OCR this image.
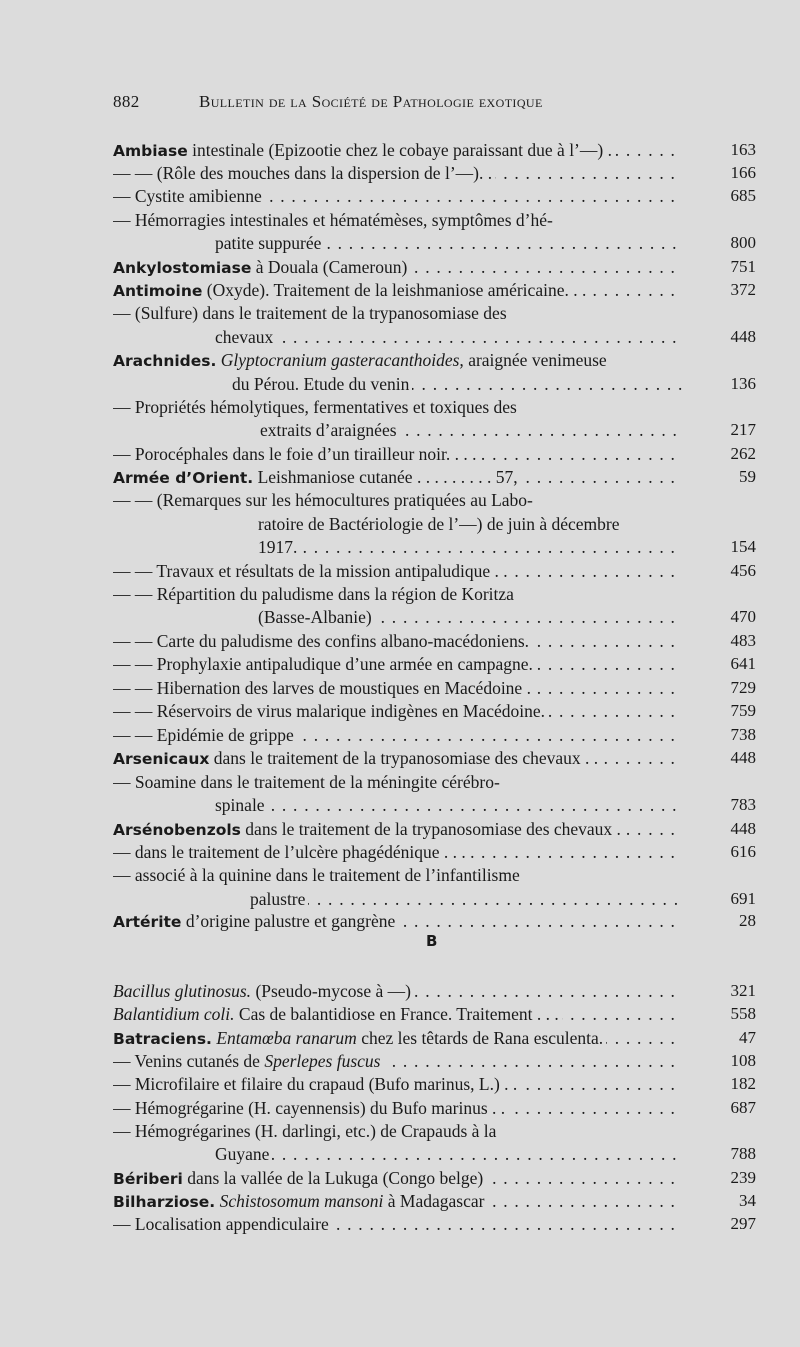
882	Bulletin de la Société de Pathologie exotique
Ambiase intestinale (Epizootie chez le cobaye paraissant due à l’—) . . . .	163
— — (Rôle des mouches dans la dispersion de l’—). . . . .	166
— Cystite amibienne . . .	685
— Hémorragies intestinales et hématémèses, symptômes d’hé-
patite suppurée . . .	800
Ankylostomiase à Douala (Cameroun) . . .	751
Antimoine (Oxyde). Traitement de la leishmaniose américaine. . . . . .	372
— (Sulfure) dans le traitement de la trypanosomiase des
chevaux . . .	448
Arachnides. Glyptocranium gasteracanthoides, araignée venimeuse
du Pérou. Etude du venin . . .	136
— Propriétés hémolytiques, fermentatives et toxiques des
extraits d’araignées . . .	217
— Porocéphales dans le foie d’un tirailleur noir. . . . . . . .	262
Armée d’Orient. Leishmaniose cutanée . . . . . . . . . 57, . . .	59
— — (Remarques sur les hémocultures pratiquées au Labo-
ratoire de Bactériologie de l’—) de juin à décembre
1917. . . .	154
— — Travaux et résultats de la mission antipaludique . . . . .	456
— — Répartition du paludisme dans la région de Koritza
(Basse-Albanie) . . .	470
— — Carte du paludisme des confins albano-macédoniens. . . .	483
— — Prophylaxie antipaludique d’une armée en campagne. . . .	641
— — Hibernation des larves de moustiques en Macédoine . . . .	729
— — Réservoirs de virus malarique indigènes en Macédoine. . . .	759
— — Epidémie de grippe . . .	738
Arsenicaux dans le traitement de la trypanosomiase des chevaux . . . . .	448
— Soamine dans le traitement de la méningite cérébro-
spinale . . .	783
Arsénobenzols dans le traitement de la trypanosomiase des chevaux . . . .	448
— dans le traitement de l’ulcère phagédénique . . . . . . .	616
— associé à la quinine dans le traitement de l’infantilisme
palustre . . .	691
Artérite d’origine palustre et gangrène . . .	28
Bacillus glutinosus. (Pseudo-mycose à —) . . .	321
Balantidium coli. Cas de balantidiose en France. Traitement . . . . . .	558
Batraciens. Entamœba ranarum chez les têtards de Rana esculenta. . . .	47
— Venins cutanés de Sperlepes fuscus . . .	108
— Microfilaire et filaire du crapaud (Bufo marinus, L.) . . . . .	182
— Hémogrégarine (H. cayennensis) du Bufo marinus . . . . .	687
— Hémogrégarines (H. darlingi, etc.) de Crapauds à la
Guyane . . .	788
Bériberi dans la vallée de la Lukuga (Congo belge) . . .	239
Bilharziose. Schistosomum mansoni à Madagascar . . .	34
— Localisation appendiculaire . . .	297
B
